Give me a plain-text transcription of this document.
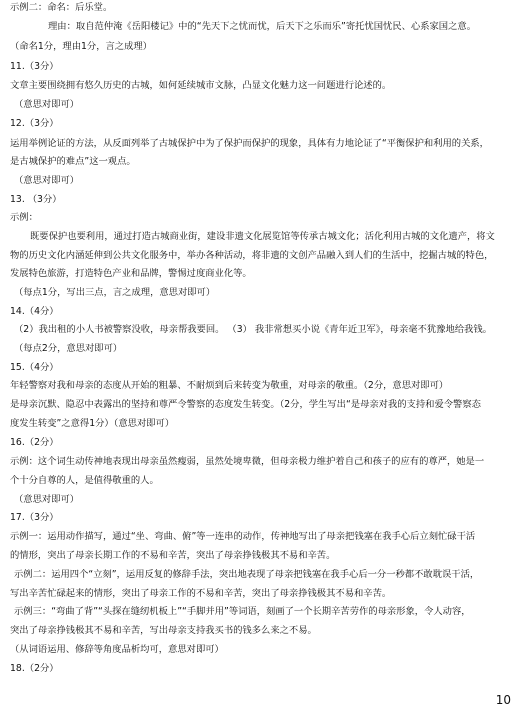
示例二：命名：后乐堂。
理由：取自范仲淹《岳阳楼记》中的“先天下之忧而忧，后天下之乐而乐”寄托忧国忧民、心系家国之意。
（命名1分，理由1分，言之成理）
11.（3分）
文章主要围绕拥有悠久历史的古城，如何延续城市文脉，凸显文化魅力这一问题进行论述的。
（意思对即可）
12.（3分）
运用举例论证的方法，从反面列举了古城保护中为了保护而保护的现象，具体有力地论证了“平衡保护和利用的关系，
是古城保护的难点”这一观点。
（意思对即可）
13. （3分）
示例：
既要保护也要利用，通过打造古城商业街，建设非遗文化展览馆等传承古城文化；活化利用古城的文化遗产，将文
物的历史文化内涵延伸到公共文化服务中，举办各种活动，将非遗的文创产品融入到人们的生活中，挖掘古城的特色，
发展特色旅游，打造特色产业和品牌，警惕过度商业化等。
（每点1分，写出三点，言之成理，意思对即可）
14.（4分）
（2）我出租的小人书被警察没收，母亲帮我要回。 （3） 我非常想买小说《青年近卫军》，母亲毫不犹豫地给我钱。
（每点2分，意思对即可）
15.（4分）
年轻警察对我和母亲的态度从开始的粗暴、不耐烦到后来转变为敬重，对母亲的敬重。（2分，意思对即可）
是母亲沉默、隐忍中表露出的坚持和尊严令警察的态度发生转变。（2分，学生写出“是母亲对我的支持和爱令警察态
度发生转变”之意得1分）（意思对即可）
16.（2分）
示例：这个词生动传神地表现出母亲虽然瘦弱，虽然处境卑微，但母亲极力维护着自己和孩子的应有的尊严，她是一
个十分自尊的人，是值得敬重的人。
（意思对即可）
17.（3分）
示例一：运用动作描写，通过“坐、弯曲、俯”等一连串的动作，传神地写出了母亲把钱塞在我手心后立刻忙碌干活
的情形，突出了母亲长期工作的不易和辛苦，突出了母亲挣钱极其不易和辛苦。
示例二：运用四个“立刻”，运用反复的修辞手法，突出地表现了母亲把钱塞在我手心后一分一秒都不敢耽误干活，
写出辛苦忙碌起来的情形，突出了母亲工作的不易和辛苦，突出了母亲挣钱极其不易和辛苦。
示例三：“弯曲了背”“头探在缝纫机板上”“手脚并用”等词语，刻画了一个长期辛苦劳作的母亲形象，令人动容，
突出了母亲挣钱极其不易和辛苦，写出母亲支持我买书的钱多么来之不易。
（从词语运用、修辞等角度品析均可，意思对即可）
18.（2分）
10
